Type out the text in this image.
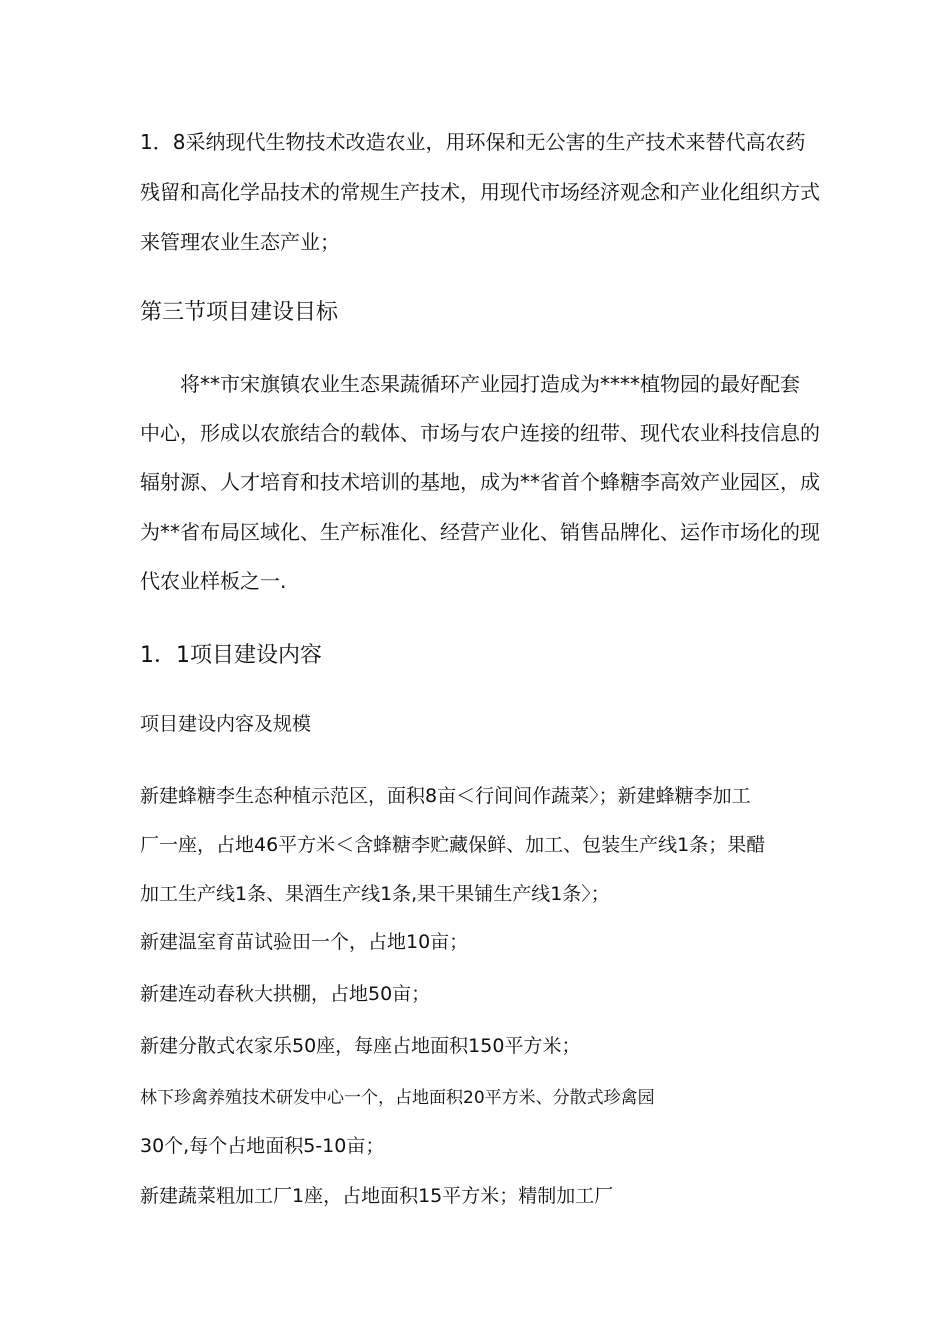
1．8采纳现代生物技术改造农业，用环保和无公害的生产技术来替代高农药
残留和高化学品技术的常规生产技术，用现代市场经济观念和产业化组织方式
来管理农业生态产业；
第三节项目建设目标
将**市宋旗镇农业生态果蔬循环产业园打造成为****植物园的最好配套
中心，形成以农旅结合的载体、市场与农户连接的纽带、现代农业科技信息的
辐射源、人才培育和技术培训的基地，成为**省首个蜂糖李高效产业园区，成
为**省布局区域化、生产标准化、经营产业化、销售品牌化、运作市场化的现
代农业样板之一.
1．1项目建设内容
项目建设内容及规模
新建蜂糖李生态种植示范区，面积8亩＜行间间作蔬菜〉；新建蜂糖李加工
厂一座，占地46平方米＜含蜂糖李贮藏保鲜、加工、包装生产线1条；果醋
加工生产线1条、果酒生产线1条,果干果铺生产线1条〉；
新建温室育苗试验田一个，占地10亩；
新建连动春秋大拱棚，占地50亩；
新建分散式农家乐50座，每座占地面积150平方米；
林下珍禽养殖技术研发中心一个，占地面积20平方米、分散式珍禽园
30个,每个占地面积5-10亩；
新建蔬菜粗加工厂1座，占地面积15平方米；精制加工厂
